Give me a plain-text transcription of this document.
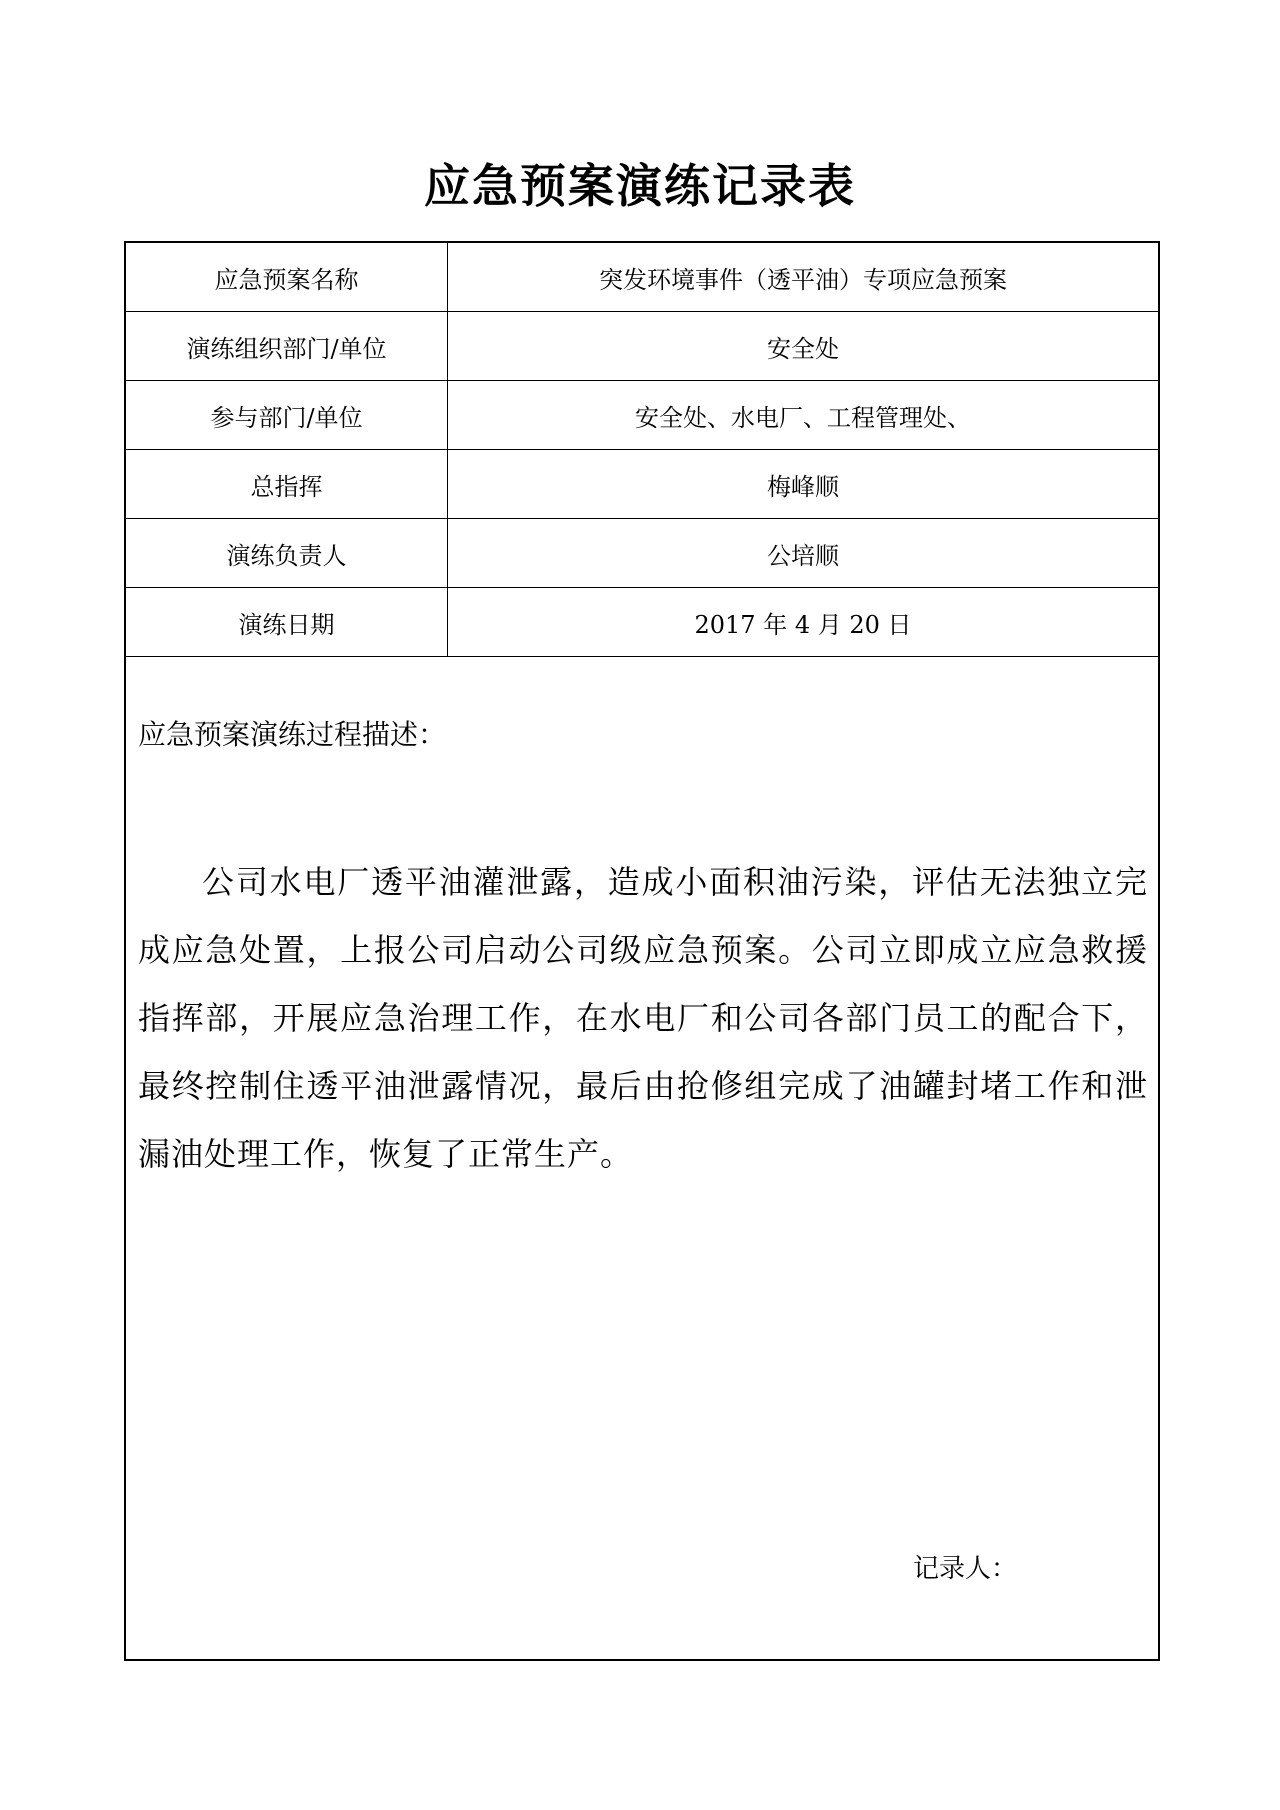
应急预案演练记录表
应急预案名称	突发环境事件（透平油）专项应急预案
演练组织部门/单位	安全处
参与部门/单位	安全处、水电厂、工程管理处、
总指挥	梅峰顺
演练负责人	公培顺
演练日期	2017 年 4 月 20 日
应急预案演练过程描述：
公司水电厂透平油灌泄露，造成小面积油污染，评估无法独立完成应急处置，上报公司启动公司级应急预案。公司立即成立应急救援指挥部，开展应急治理工作，在水电厂和公司各部门员工的配合下，最终控制住透平油泄露情况，最后由抢修组完成了油罐封堵工作和泄漏油处理工作，恢复了正常生产。
记录人：
